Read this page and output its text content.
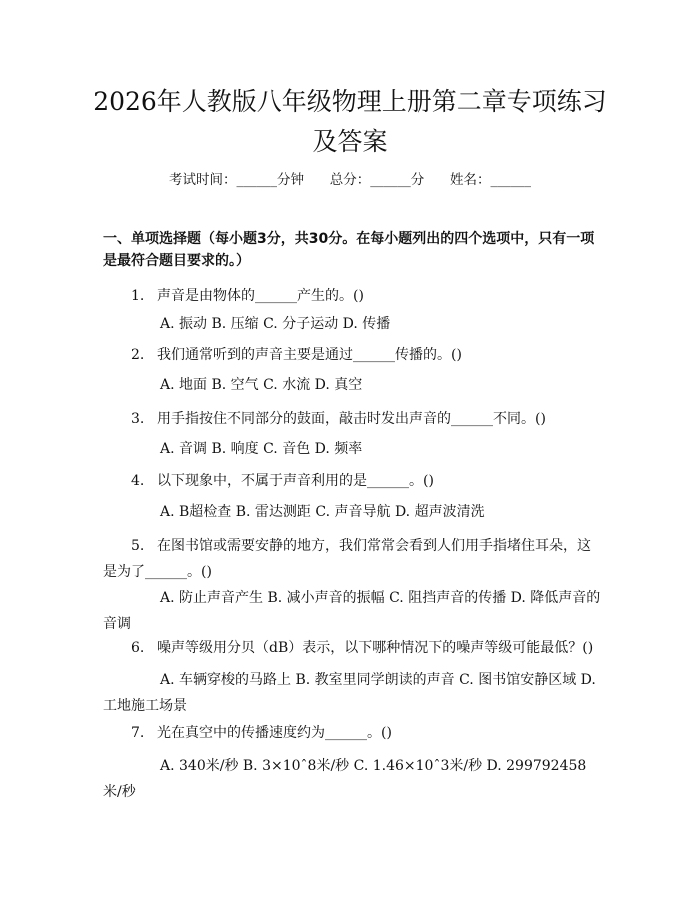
2026年人教版八年级物理上册第二章专项练习及答案
考试时间：______分钟      总分：______分      姓名：______
一、单项选择题（每小题3分，共30分。在每小题列出的四个选项中，只有一项是最符合题目要求的。）

1. 声音是由物体的______产生的。()

A. 振动 B. 压缩 C. 分子运动 D. 传播

2. 我们通常听到的声音主要是通过______传播的。()

A. 地面 B. 空气 C. 水流 D. 真空

3. 用手指按住不同部分的鼓面，敲击时发出声音的______不同。()

A. 音调 B. 响度 C. 音色 D. 频率

4. 以下现象中，不属于声音利用的是______。()

A. B超检查 B. 雷达测距 C. 声音导航 D. 超声波清洗

5. 在图书馆或需要安静的地方，我们常常会看到人们用手指堵住耳朵，这是为了______。()

A. 防止声音产生 B. 减小声音的振幅 C. 阻挡声音的传播 D. 降低声音的音调

6. 噪声等级用分贝（dB）表示，以下哪种情况下的噪声等级可能最低？()

A. 车辆穿梭的马路上 B. 教室里同学朗读的声音 C. 图书馆安静区域 D. 工地施工场景

7. 光在真空中的传播速度约为______。()

A. 340米/秒 B. 3×10ˆ8米/秒 C. 1.46×10ˆ3米/秒 D. 299792458米/秒
